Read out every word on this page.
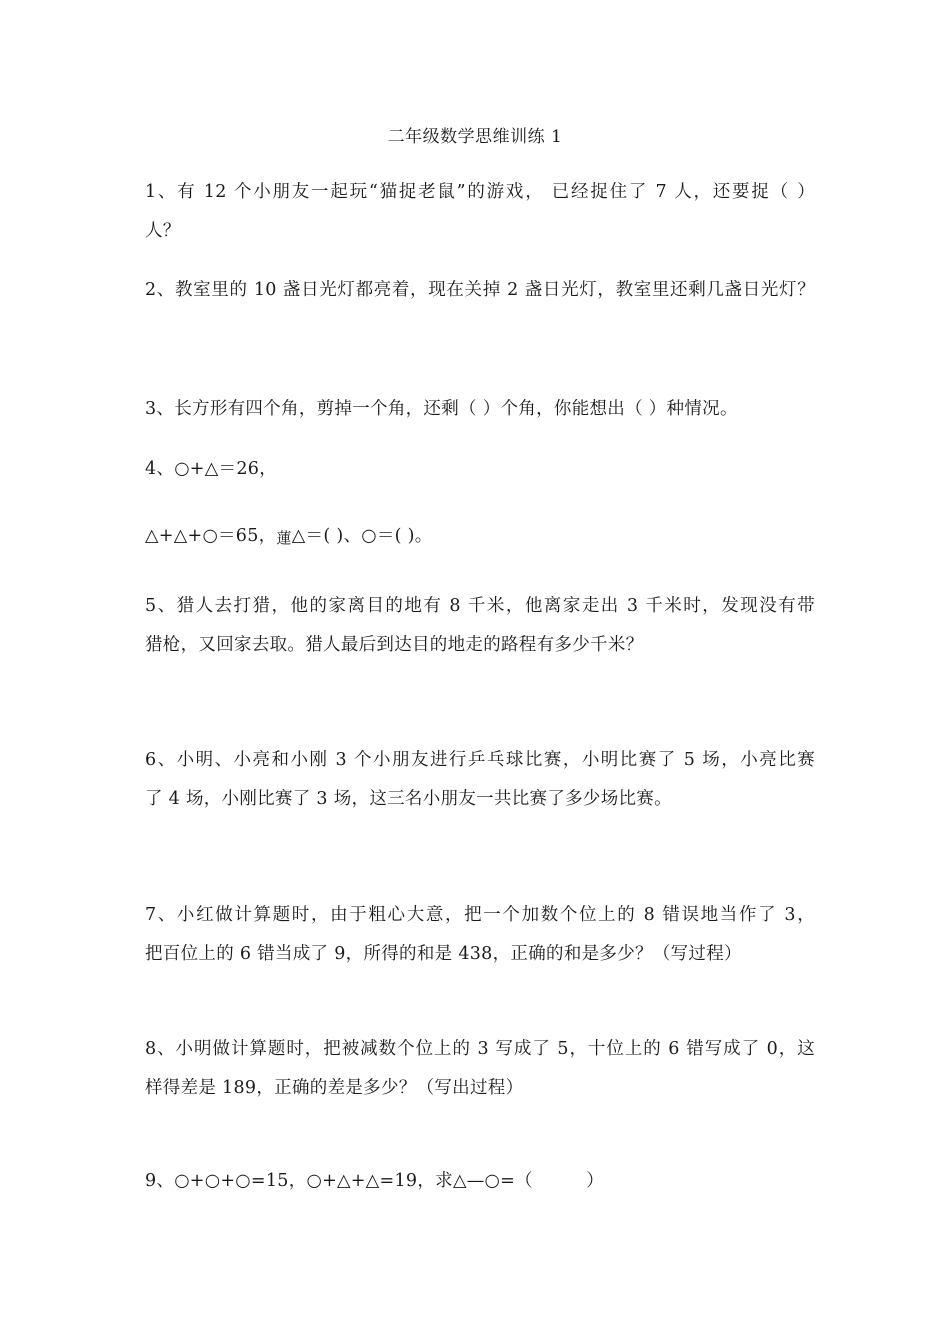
二年级数学思维训练 1
1、有 12 个小朋友一起玩“猫捉老鼠”的游戏， 已经捉住了 7 人，还要捉（ ）
人？
2、教室里的 10 盏日光灯都亮着，现在关掉 2 盏日光灯，教室里还剩几盏日光灯？
3、长方形有四个角，剪掉一个角，还剩（ ）个角，你能想出（ ）种情况。
4、○+△＝26，
△+△+○＝65，蓮△＝( )、○＝( )。
5、猎人去打猎，他的家离目的地有 8 千米，他离家走出 3 千米时，发现没有带
猎枪，又回家去取。猎人最后到达目的地走的路程有多少千米？
6、小明、小亮和小刚 3 个小朋友进行乒乓球比赛，小明比赛了 5 场，小亮比赛
了 4 场，小刚比赛了 3 场，这三名小朋友一共比赛了多少场比赛。
7、小红做计算题时，由于粗心大意，把一个加数个位上的 8 错误地当作了 3，
把百位上的 6 错当成了 9，所得的和是 438，正确的和是多少？（写过程）
8、小明做计算题时，把被减数个位上的 3 写成了 5，十位上的 6 错写成了 0，这
样得差是 189，正确的差是多少？（写出过程）
9、○+○+○=15，○+△+△=19，求△—○=（　　　）
